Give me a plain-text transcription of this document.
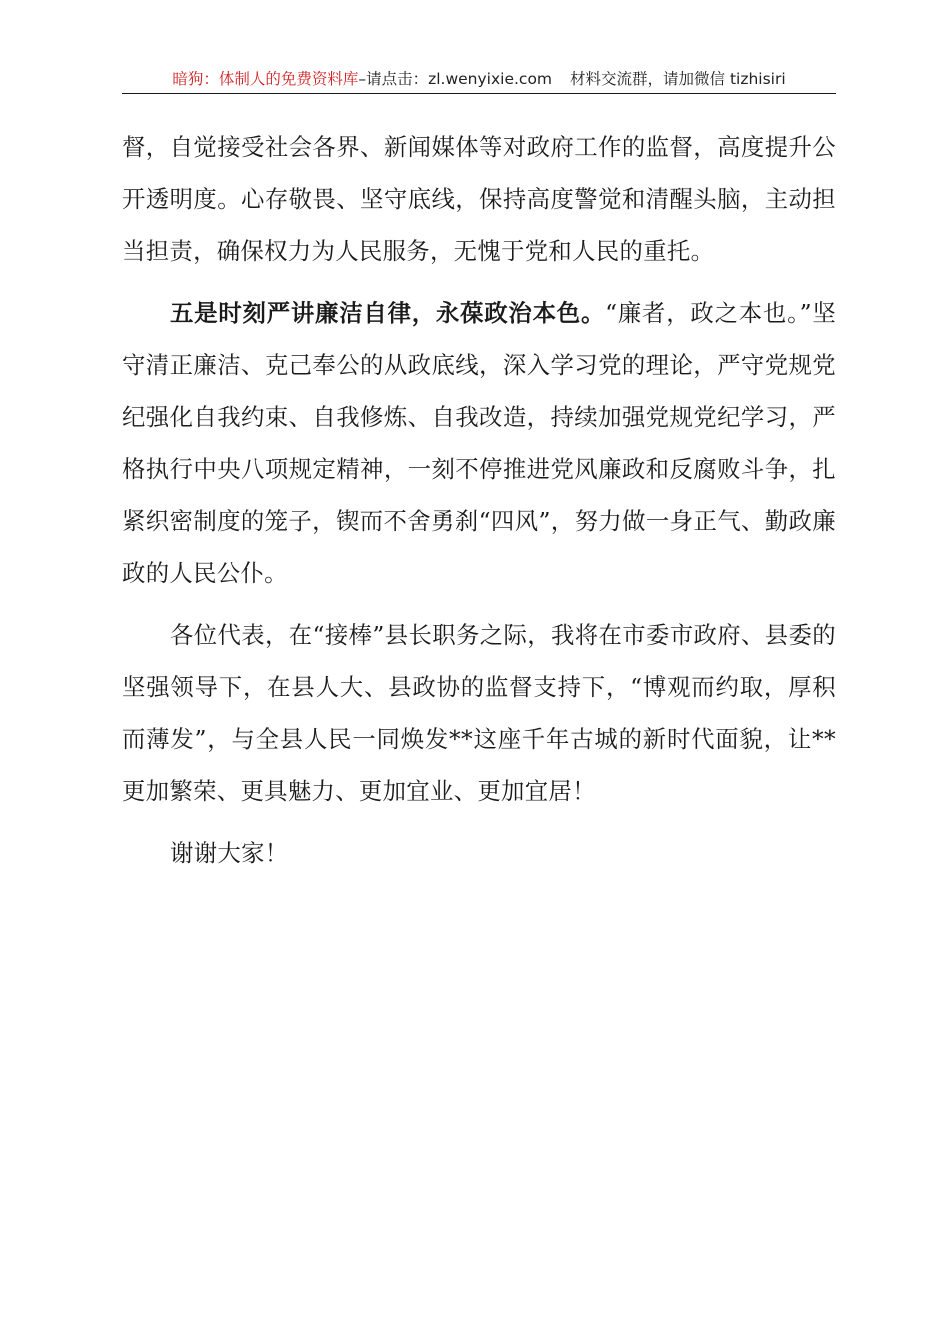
暗狗：体制人的免费资料库–请点击：zl.wenyixie.com 材料交流群，请加微信 tizhisiri

督，自觉接受社会各界、新闻媒体等对政府工作的监督，高度提升公开透明度。心存敬畏、坚守底线，保持高度警觉和清醒头脑，主动担当担责，确保权力为人民服务，无愧于党和人民的重托。

五是时刻严讲廉洁自律，永葆政治本色。“廉者，政之本也。”坚守清正廉洁、克己奉公的从政底线，深入学习党的理论，严守党规党纪强化自我约束、自我修炼、自我改造，持续加强党规党纪学习，严格执行中央八项规定精神，一刻不停推进党风廉政和反腐败斗争，扎紧织密制度的笼子，锲而不舍勇刹“四风”，努力做一身正气、勤政廉政的人民公仆。

各位代表，在“接棒”县长职务之际，我将在市委市政府、县委的坚强领导下，在县人大、县政协的监督支持下，“博观而约取，厚积而薄发”，与全县人民一同焕发**这座千年古城的新时代面貌，让**更加繁荣、更具魅力、更加宜业、更加宜居！

谢谢大家！
